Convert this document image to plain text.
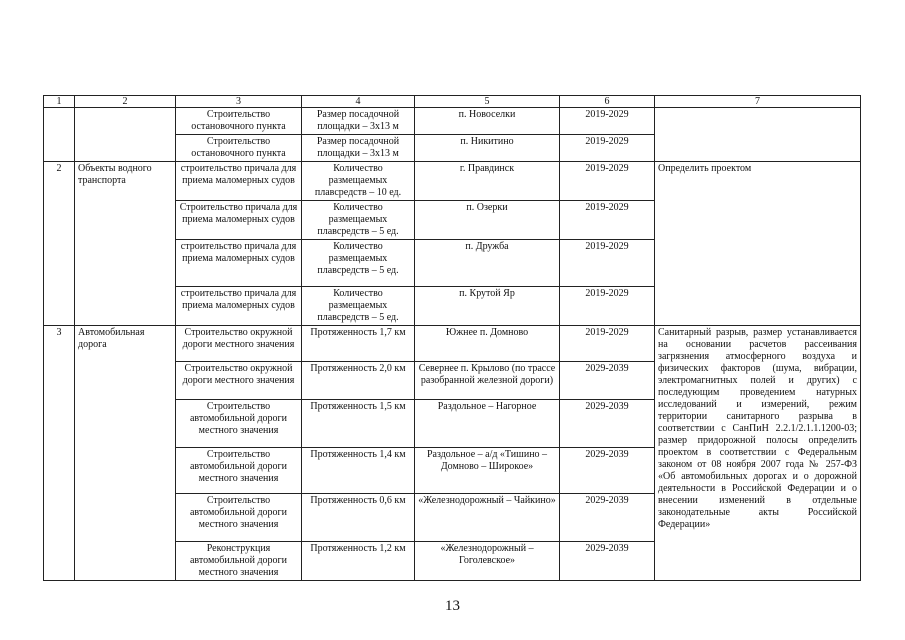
1	2	3	4	5	6	7
		Строительство остановочного пункта	Размер посадочной площадки – 3х13 м	п. Новоселки	2019-2029	
		Строительство остановочного пункта	Размер посадочной площадки – 3х13 м	п. Никитино	2019-2029	
2	Объекты водного транспорта	строительство причала для приема маломерных судов	Количество размещаемых плавсредств – 10 ед.	г. Правдинск	2019-2029	Определить проектом
		Строительство причала для приема маломерных судов	Количество размещаемых плавсредств – 5 ед.	п. Озерки	2019-2029	
		строительство причала для приема маломерных судов	Количество размещаемых плавсредств – 5 ед.	п. Дружба	2019-2029	
		строительство причала для приема маломерных судов	Количество размещаемых плавсредств – 5 ед.	п. Крутой Яр	2019-2029	
3	Автомобильная дорога	Строительство окружной дороги местного значения	Протяженность 1,7 км	Южнее п. Домново	2019-2029	Санитарный разрыв, размер устанавливается на основании расчетов рассеивания загрязнения атмосферного воздуха и физических факторов (шума, вибрации, электромагнитных полей и других) с последующим проведением натурных исследований и измерений, режим территории санитарного разрыва в соответствии с СанПиН 2.2.1/2.1.1.1200-03; размер придорожной полосы определить проектом в соответствии с Федеральным законом от 08 ноября 2007 года № 257-ФЗ «Об автомобильных дорогах и о дорожной деятельности в Российской Федерации и о внесении изменений в отдельные законодательные акты Российской Федерации»
		Строительство окружной дороги местного значения	Протяженность 2,0 км	Севернее п. Крылово (по трассе разобранной железной дороги)	2029-2039	
		Строительство автомобильной дороги местного значения	Протяженность 1,5 км	Раздольное – Нагорное	2029-2039	
		Строительство автомобильной дороги местного значения	Протяженность 1,4 км	Раздольное – а/д «Тишино – Домново – Широкое»	2029-2039	
		Строительство автомобильной дороги местного значения	Протяженность 0,6 км	«Железнодорожный – Чайкино»	2029-2039	
		Реконструкция автомобильной дороги местного значения	Протяженность 1,2 км	«Железнодорожный – Гоголевское»	2029-2039	
13
